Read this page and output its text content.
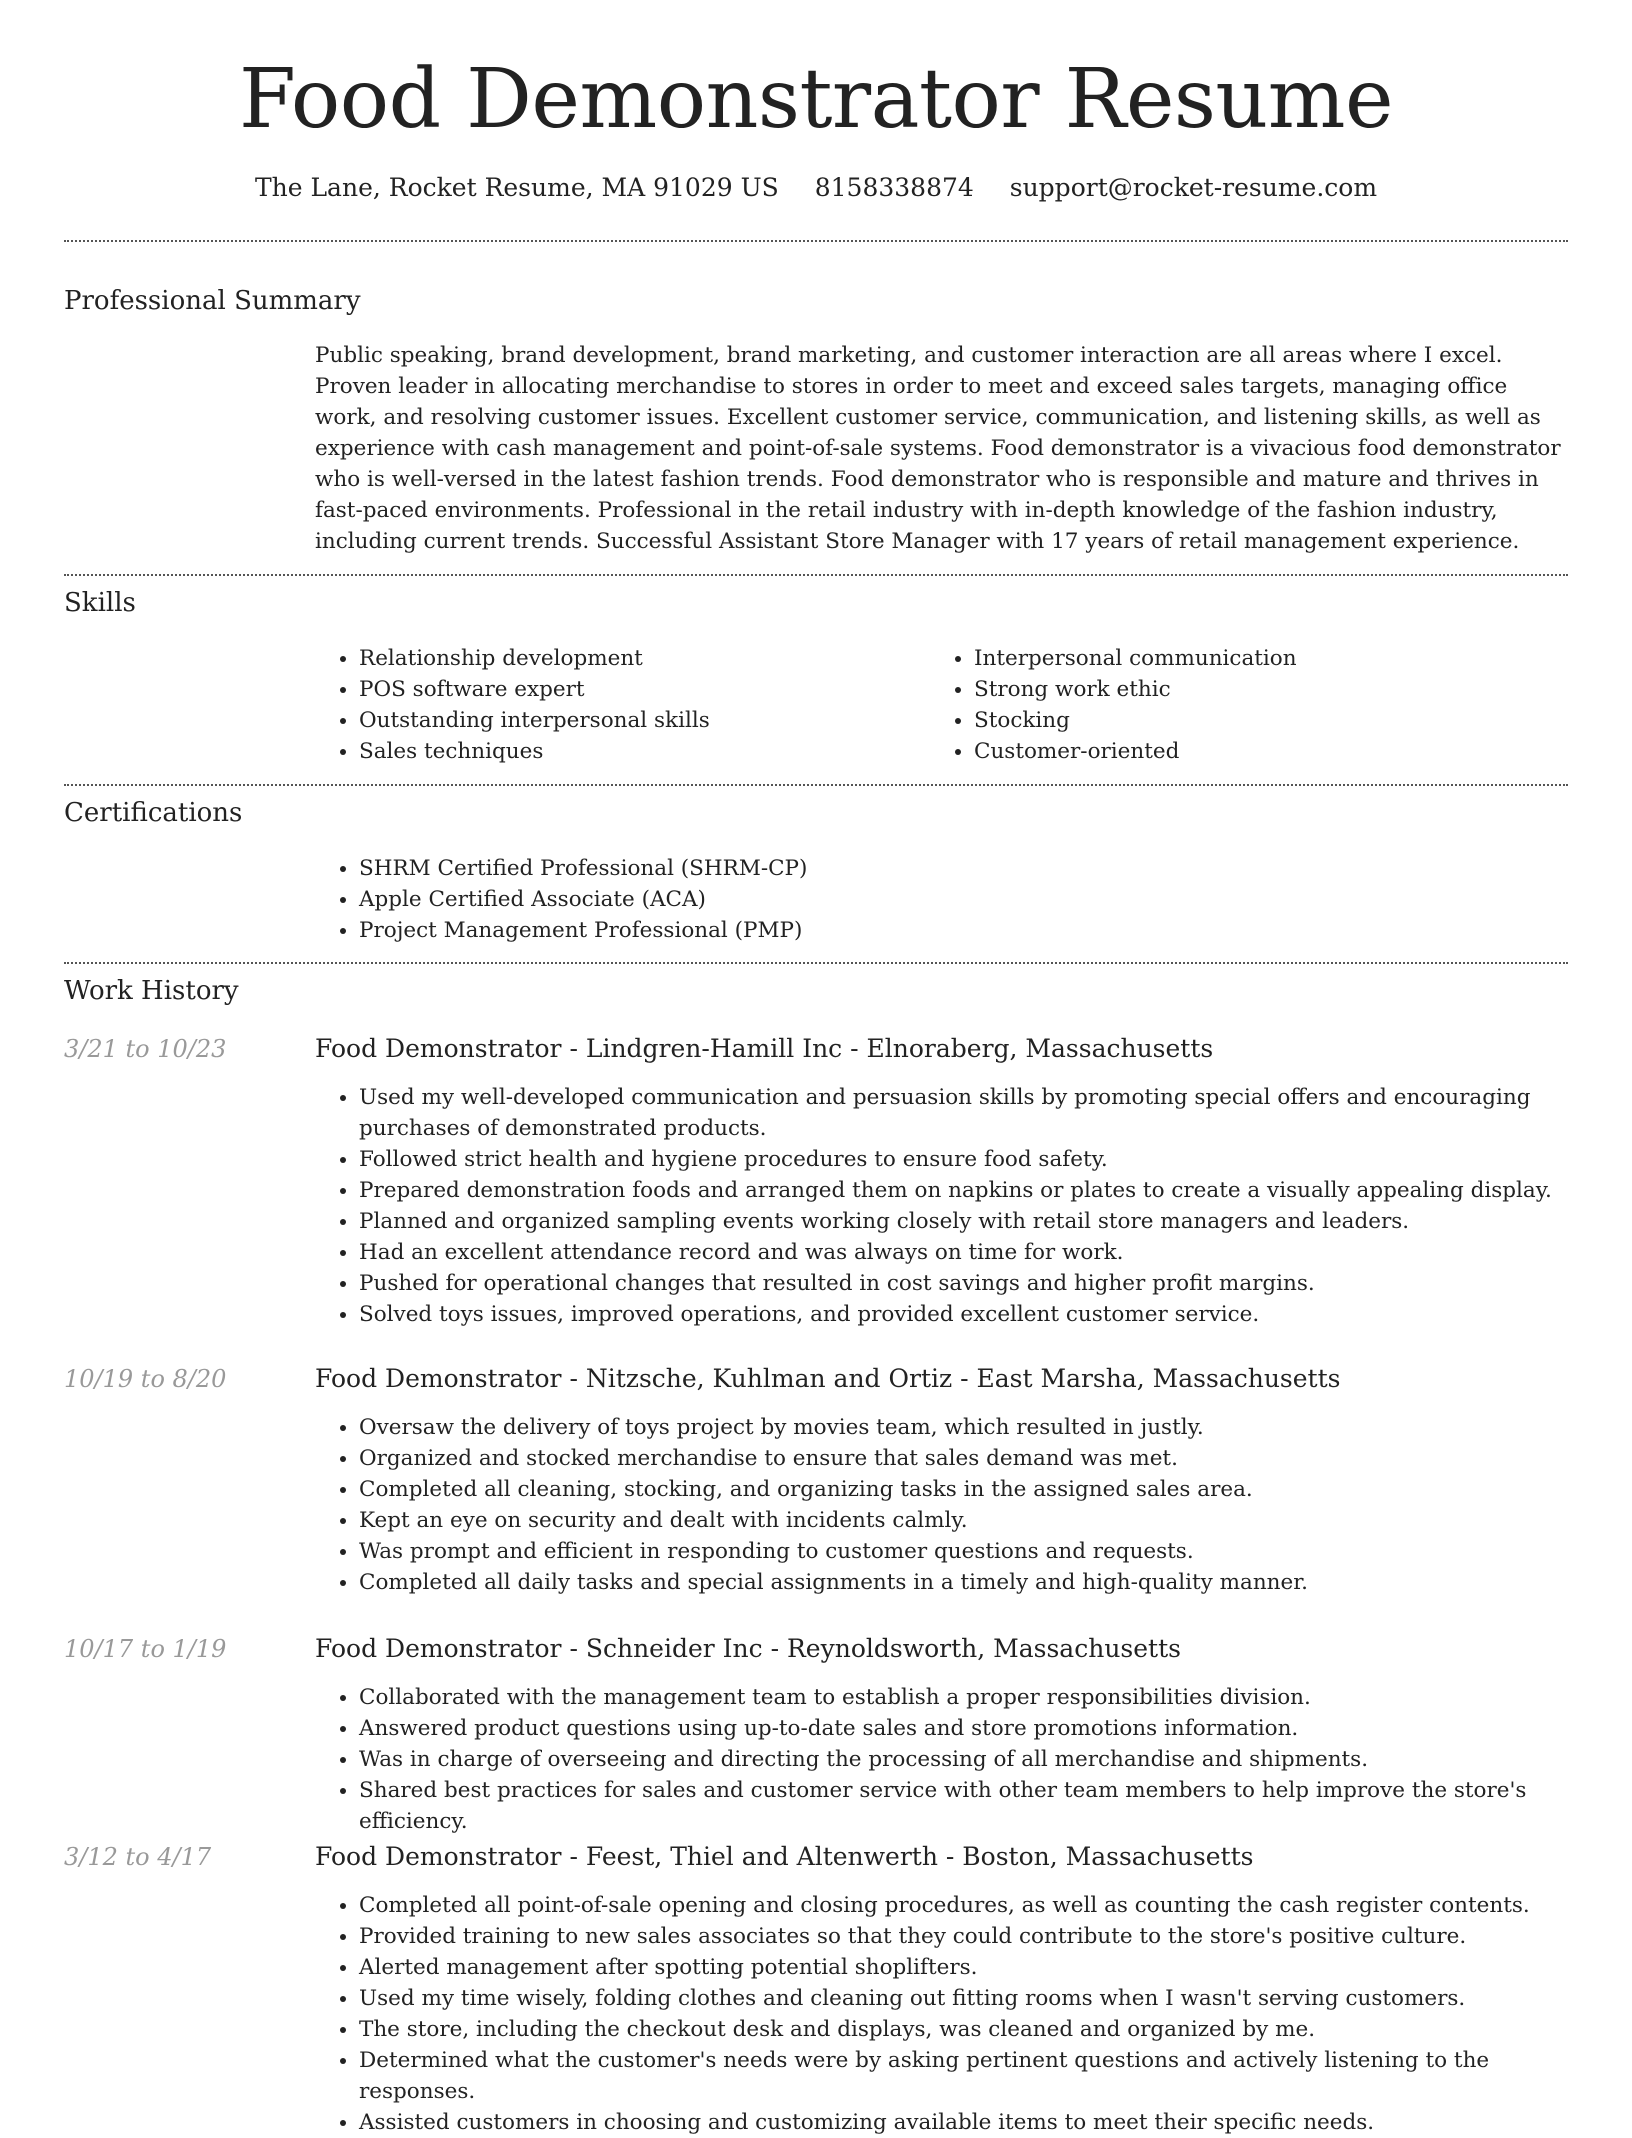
Food Demonstrator Resume
The Lane, Rocket Resume, MA 91029 US 8158338874 support@rocket-resume.com
Professional Summary
Public speaking, brand development, brand marketing, and customer interaction are all areas where I excel. Proven leader in allocating merchandise to stores in order to meet and exceed sales targets, managing office work, and resolving customer issues. Excellent customer service, communication, and listening skills, as well as experience with cash management and point-of-sale systems. Food demonstrator is a vivacious food demonstrator who is well-versed in the latest fashion trends. Food demonstrator who is responsible and mature and thrives in fast-paced environments. Professional in the retail industry with in-depth knowledge of the fashion industry, including current trends. Successful Assistant Store Manager with 17 years of retail management experience.
Skills
• Relationship development
• POS software expert
• Outstanding interpersonal skills
• Sales techniques
• Interpersonal communication
• Strong work ethic
• Stocking
• Customer-oriented
Certifications
• SHRM Certified Professional (SHRM-CP)
• Apple Certified Associate (ACA)
• Project Management Professional (PMP)
Work History
3/21 to 10/23	Food Demonstrator - Lindgren-Hamill Inc - Elnoraberg, Massachusetts
• Used my well-developed communication and persuasion skills by promoting special offers and encouraging purchases of demonstrated products.
• Followed strict health and hygiene procedures to ensure food safety.
• Prepared demonstration foods and arranged them on napkins or plates to create a visually appealing display.
• Planned and organized sampling events working closely with retail store managers and leaders.
• Had an excellent attendance record and was always on time for work.
• Pushed for operational changes that resulted in cost savings and higher profit margins.
• Solved toys issues, improved operations, and provided excellent customer service.
10/19 to 8/20	Food Demonstrator - Nitzsche, Kuhlman and Ortiz - East Marsha, Massachusetts
• Oversaw the delivery of toys project by movies team, which resulted in justly.
• Organized and stocked merchandise to ensure that sales demand was met.
• Completed all cleaning, stocking, and organizing tasks in the assigned sales area.
• Kept an eye on security and dealt with incidents calmly.
• Was prompt and efficient in responding to customer questions and requests.
• Completed all daily tasks and special assignments in a timely and high-quality manner.
10/17 to 1/19	Food Demonstrator - Schneider Inc - Reynoldsworth, Massachusetts
• Collaborated with the management team to establish a proper responsibilities division.
• Answered product questions using up-to-date sales and store promotions information.
• Was in charge of overseeing and directing the processing of all merchandise and shipments.
• Shared best practices for sales and customer service with other team members to help improve the store's efficiency.
3/12 to 4/17	Food Demonstrator - Feest, Thiel and Altenwerth - Boston, Massachusetts
• Completed all point-of-sale opening and closing procedures, as well as counting the cash register contents.
• Provided training to new sales associates so that they could contribute to the store's positive culture.
• Alerted management after spotting potential shoplifters.
• Used my time wisely, folding clothes and cleaning out fitting rooms when I wasn't serving customers.
• The store, including the checkout desk and displays, was cleaned and organized by me.
• Determined what the customer's needs were by asking pertinent questions and actively listening to the responses.
• Assisted customers in choosing and customizing available items to meet their specific needs.
